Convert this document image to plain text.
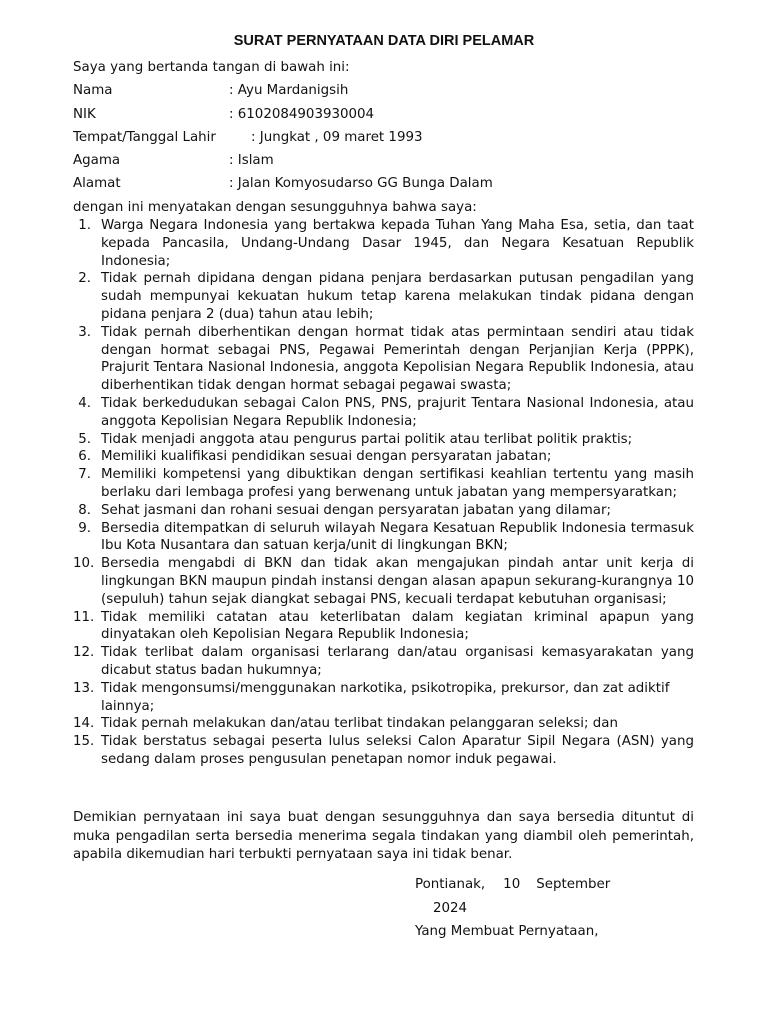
SURAT PERNYATAAN DATA DIRI PELAMAR
Saya yang bertanda tangan di bawah ini:
Nama	: Ayu Mardanigsih
NIK	: 6102084903930004
Tempat/Tanggal Lahir	: Jungkat , 09 maret 1993
Agama	: Islam
Alamat	: Jalan Komyosudarso GG Bunga Dalam
dengan ini menyatakan dengan sesungguhnya bahwa saya:
1. Warga Negara Indonesia yang bertakwa kepada Tuhan Yang Maha Esa, setia, dan taat kepada Pancasila, Undang-Undang Dasar 1945, dan Negara Kesatuan Republik Indonesia;
2. Tidak pernah dipidana dengan pidana penjara berdasarkan putusan pengadilan yang sudah mempunyai kekuatan hukum tetap karena melakukan tindak pidana dengan pidana penjara 2 (dua) tahun atau lebih;
3. Tidak pernah diberhentikan dengan hormat tidak atas permintaan sendiri atau tidak dengan hormat sebagai PNS, Pegawai Pemerintah dengan Perjanjian Kerja (PPPK), Prajurit Tentara Nasional Indonesia, anggota Kepolisian Negara Republik Indonesia, atau diberhentikan tidak dengan hormat sebagai pegawai swasta;
4. Tidak berkedudukan sebagai Calon PNS, PNS, prajurit Tentara Nasional Indonesia, atau anggota Kepolisian Negara Republik Indonesia;
5. Tidak menjadi anggota atau pengurus partai politik atau terlibat politik praktis;
6. Memiliki kualifikasi pendidikan sesuai dengan persyaratan jabatan;
7. Memiliki kompetensi yang dibuktikan dengan sertifikasi keahlian tertentu yang masih berlaku dari lembaga profesi yang berwenang untuk jabatan yang mempersyaratkan;
8. Sehat jasmani dan rohani sesuai dengan persyaratan jabatan yang dilamar;
9. Bersedia ditempatkan di seluruh wilayah Negara Kesatuan Republik Indonesia termasuk Ibu Kota Nusantara dan satuan kerja/unit di lingkungan BKN;
10. Bersedia mengabdi di BKN dan tidak akan mengajukan pindah antar unit kerja di lingkungan BKN maupun pindah instansi dengan alasan apapun sekurang-kurangnya 10 (sepuluh) tahun sejak diangkat sebagai PNS, kecuali terdapat kebutuhan organisasi;
11. Tidak memiliki catatan atau keterlibatan dalam kegiatan kriminal apapun yang dinyatakan oleh Kepolisian Negara Republik Indonesia;
12. Tidak terlibat dalam organisasi terlarang dan/atau organisasi kemasyarakatan yang dicabut status badan hukumnya;
13. Tidak mengonsumsi/menggunakan narkotika, psikotropika, prekursor, dan zat adiktif lainnya;
14. Tidak pernah melakukan dan/atau terlibat tindakan pelanggaran seleksi; dan
15. Tidak berstatus sebagai peserta lulus seleksi Calon Aparatur Sipil Negara (ASN) yang sedang dalam proses pengusulan penetapan nomor induk pegawai.
Demikian pernyataan ini saya buat dengan sesungguhnya dan saya bersedia dituntut di muka pengadilan serta bersedia menerima segala tindakan yang diambil oleh pemerintah, apabila dikemudian hari terbukti pernyataan saya ini tidak benar.
Pontianak, 10 September
2024
Yang Membuat Pernyataan,
